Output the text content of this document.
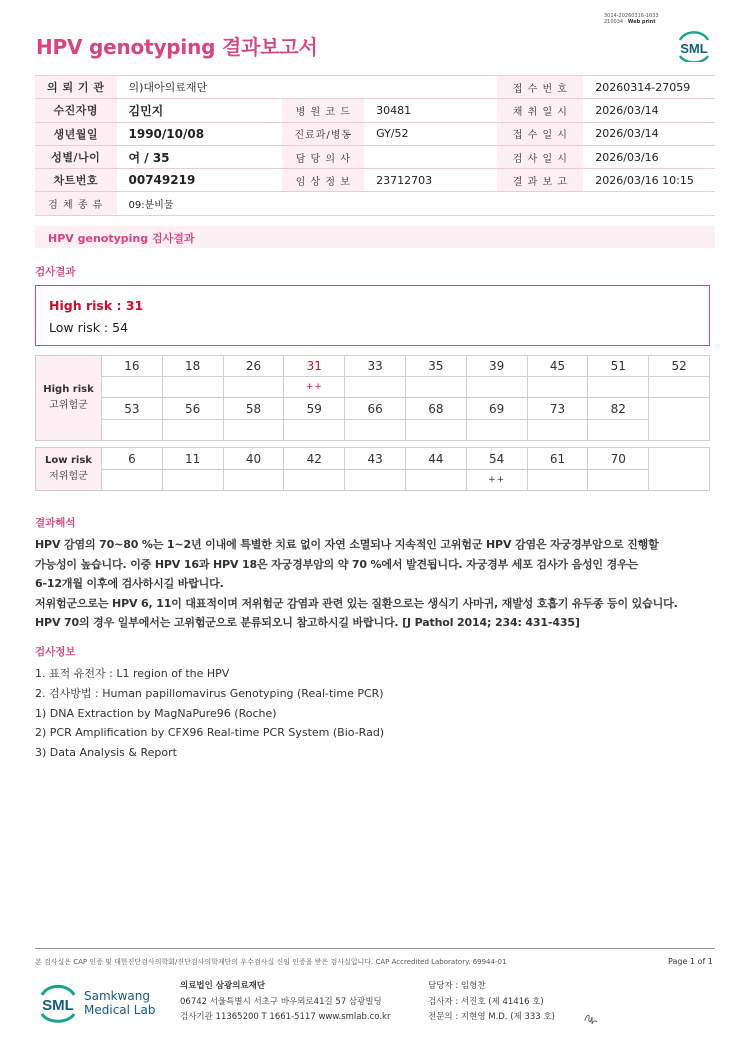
3014-20260316-1033
210034 Web print
HPV genotyping 결과보고서	SML
의 뢰 기 관	의)대아의료재단			접 수 번 호	20260314-27059
수진자명	김민지	병 원 코 드	30481	채 취 일 시	2026/03/14
생년월일	1990/10/08	진료과/병동	GY/52	접 수 일 시	2026/03/14
성별/나이	여 / 35	담 당 의 사		검 사 일 시	2026/03/16
차트번호	00749219	임 상 정 보	23712703	결 과 보 고	2026/03/16 10:15
검 체 종 류	09:분비물				
HPV genotyping 검사결과
검사결과
High risk : 31
Low risk : 54
High risk
고위험군	16	18	26	31	33	35	39	45	51	52
				++						
	53	56	58	59	66	68	69	73	82	

Low risk
저위험군	6	11	40	42	43	44	54	61	70	
							++			
결과해석
HPV 감염의 70~80 %는 1~2년 이내에 특별한 치료 없이 자연 소멸되나 지속적인 고위험군 HPV 감염은 자궁경부암으로 진행할
가능성이 높습니다. 이중 HPV 16과 HPV 18은 자궁경부암의 약 70 %에서 발견됩니다. 자궁경부 세포 검사가 음성인 경우는
6-12개월 이후에 검사하시길 바랍니다.
저위험군으로는 HPV 6, 11이 대표적이며 저위험군 감염과 관련 있는 질환으로는 생식기 사마귀, 재발성 호흡기 유두종 등이 있습니다.
HPV 70의 경우 일부에서는 고위험군으로 분류되오니 참고하시길 바랍니다. [J Pathol 2014; 234: 431-435]
검사정보
1. 표적 유전자 : L1 region of the HPV
2. 검사방법 : Human papillomavirus Genotyping (Real-time PCR)
1) DNA Extraction by MagNaPure96 (Roche)
2) PCR Amplification by CFX96 Real-time PCR System (Bio-Rad)
3) Data Analysis & Report
본 검사실은 CAP 인증 및 대한진단검사의학회/진단검사의학재단의 우수검사실 신임 인증을 받은 검사실입니다. CAP Accredited Laboratory. 69944-01	Page 1 of 1
SML
Samkwang
Medical Lab
의료법인 삼광의료재단
06742 서울특별시 서초구 바우뫼로41길 57 삼광빌딩
검사기관 11365200 T 1661-5117 www.smlab.co.kr
담당자 : 임형찬
검사자 : 서진호 (제 41416 호)
전문의 : 지현영 M.D. (제 333 호)
